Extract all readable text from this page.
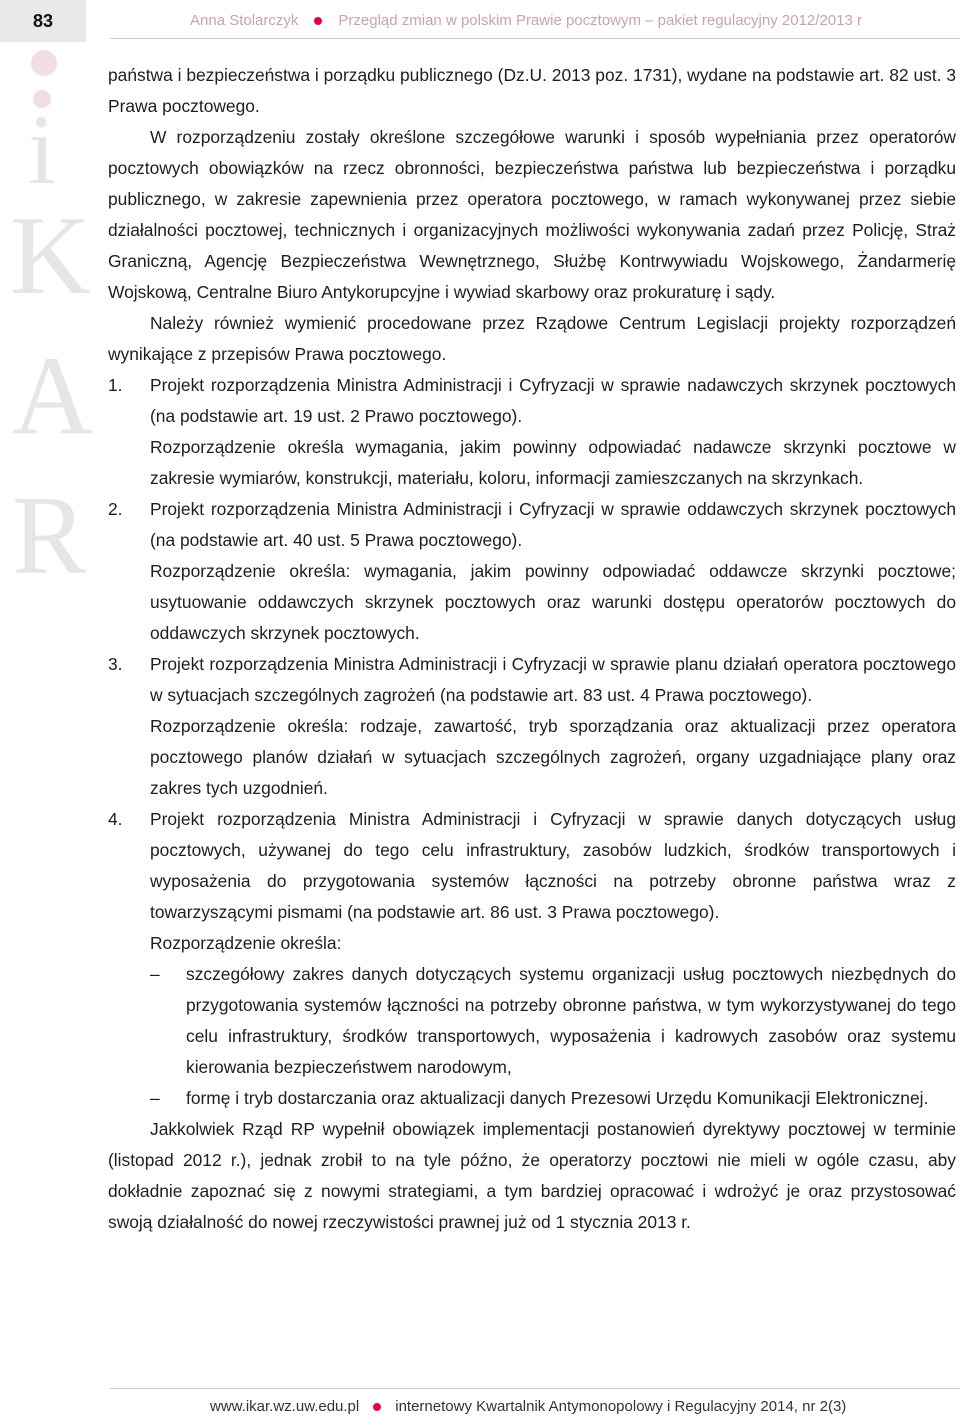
83	Anna Stolarczyk	Przegląd zmian w polskim Prawie pocztowym – pakiet regulacyjny 2012/2013 r
i
K
A
R

państwa i bezpieczeństwa i porządku publicznego (Dz.U. 2013 poz. 1731), wydane na podstawie art. 82 ust. 3 Prawa pocztowego.

W rozporządzeniu zostały określone szczegółowe warunki i sposób wypełniania przez operatorów pocztowych obowiązków na rzecz obronności, bezpieczeństwa państwa lub bezpieczeństwa i porządku publicznego, w zakresie zapewnienia przez operatora pocztowego, w ramach wykonywanej przez siebie działalności pocztowej, technicznych i organizacyjnych możliwości wykonywania zadań przez Policję, Straż Graniczną, Agencję Bezpieczeństwa Wewnętrznego, Służbę Kontrwywiadu Wojskowego, Żandarmerię Wojskową, Centralne Biuro Antykorupcyjne i wywiad skarbowy oraz prokuraturę i sądy.

Należy również wymienić procedowane przez Rządowe Centrum Legislacji projekty rozporządzeń wynikające z przepisów Prawa pocztowego.

1. Projekt rozporządzenia Ministra Administracji i Cyfryzacji w sprawie nadawczych skrzynek pocztowych (na podstawie art. 19 ust. 2 Prawo pocztowego).

Rozporządzenie określa wymagania, jakim powinny odpowiadać nadawcze skrzynki pocztowe w zakresie wymiarów, konstrukcji, materiału, koloru, informacji zamieszczanych na skrzynkach.

2. Projekt rozporządzenia Ministra Administracji i Cyfryzacji w sprawie oddawczych skrzynek pocztowych (na podstawie art. 40 ust. 5 Prawa pocztowego).

Rozporządzenie określa: wymagania, jakim powinny odpowiadać oddawcze skrzynki pocztowe; usytuowanie oddawczych skrzynek pocztowych oraz warunki dostępu operatorów pocztowych do oddawczych skrzynek pocztowych.

3. Projekt rozporządzenia Ministra Administracji i Cyfryzacji w sprawie planu działań operatora pocztowego w sytuacjach szczególnych zagrożeń (na podstawie art. 83 ust. 4 Prawa pocztowego).

Rozporządzenie określa: rodzaje, zawartość, tryb sporządzania oraz aktualizacji przez operatora pocztowego planów działań w sytuacjach szczególnych zagrożeń, organy uzgadniające plany oraz zakres tych uzgodnień.

4. Projekt rozporządzenia Ministra Administracji i Cyfryzacji w sprawie danych dotyczących usług pocztowych, używanej do tego celu infrastruktury, zasobów ludzkich, środków transportowych i wyposażenia do przygotowania systemów łączności na potrzeby obronne państwa wraz z towarzyszącymi pismami (na podstawie art. 86 ust. 3 Prawa pocztowego).

Rozporządzenie określa:

– szczegółowy zakres danych dotyczących systemu organizacji usług pocztowych niezbędnych do przygotowania systemów łączności na potrzeby obronne państwa, w tym wykorzystywanej do tego celu infrastruktury, środków transportowych, wyposażenia i kadrowych zasobów oraz systemu kierowania bezpieczeństwem narodowym,

– formę i tryb dostarczania oraz aktualizacji danych Prezesowi Urzędu Komunikacji Elektronicznej.

Jakkolwiek Rząd RP wypełnił obowiązek implementacji postanowień dyrektywy pocztowej w terminie (listopad 2012 r.), jednak zrobił to na tyle późno, że operatorzy pocztowi nie mieli w ogóle czasu, aby dokładnie zapoznać się z nowymi strategiami, a tym bardziej opracować i wdrożyć je oraz przystosować swoją działalność do nowej rzeczywistości prawnej już od 1 stycznia 2013 r.

www.ikar.wz.uw.edu.pl internetowy Kwartalnik Antymonopolowy i Regulacyjny 2014, nr 2(3)
